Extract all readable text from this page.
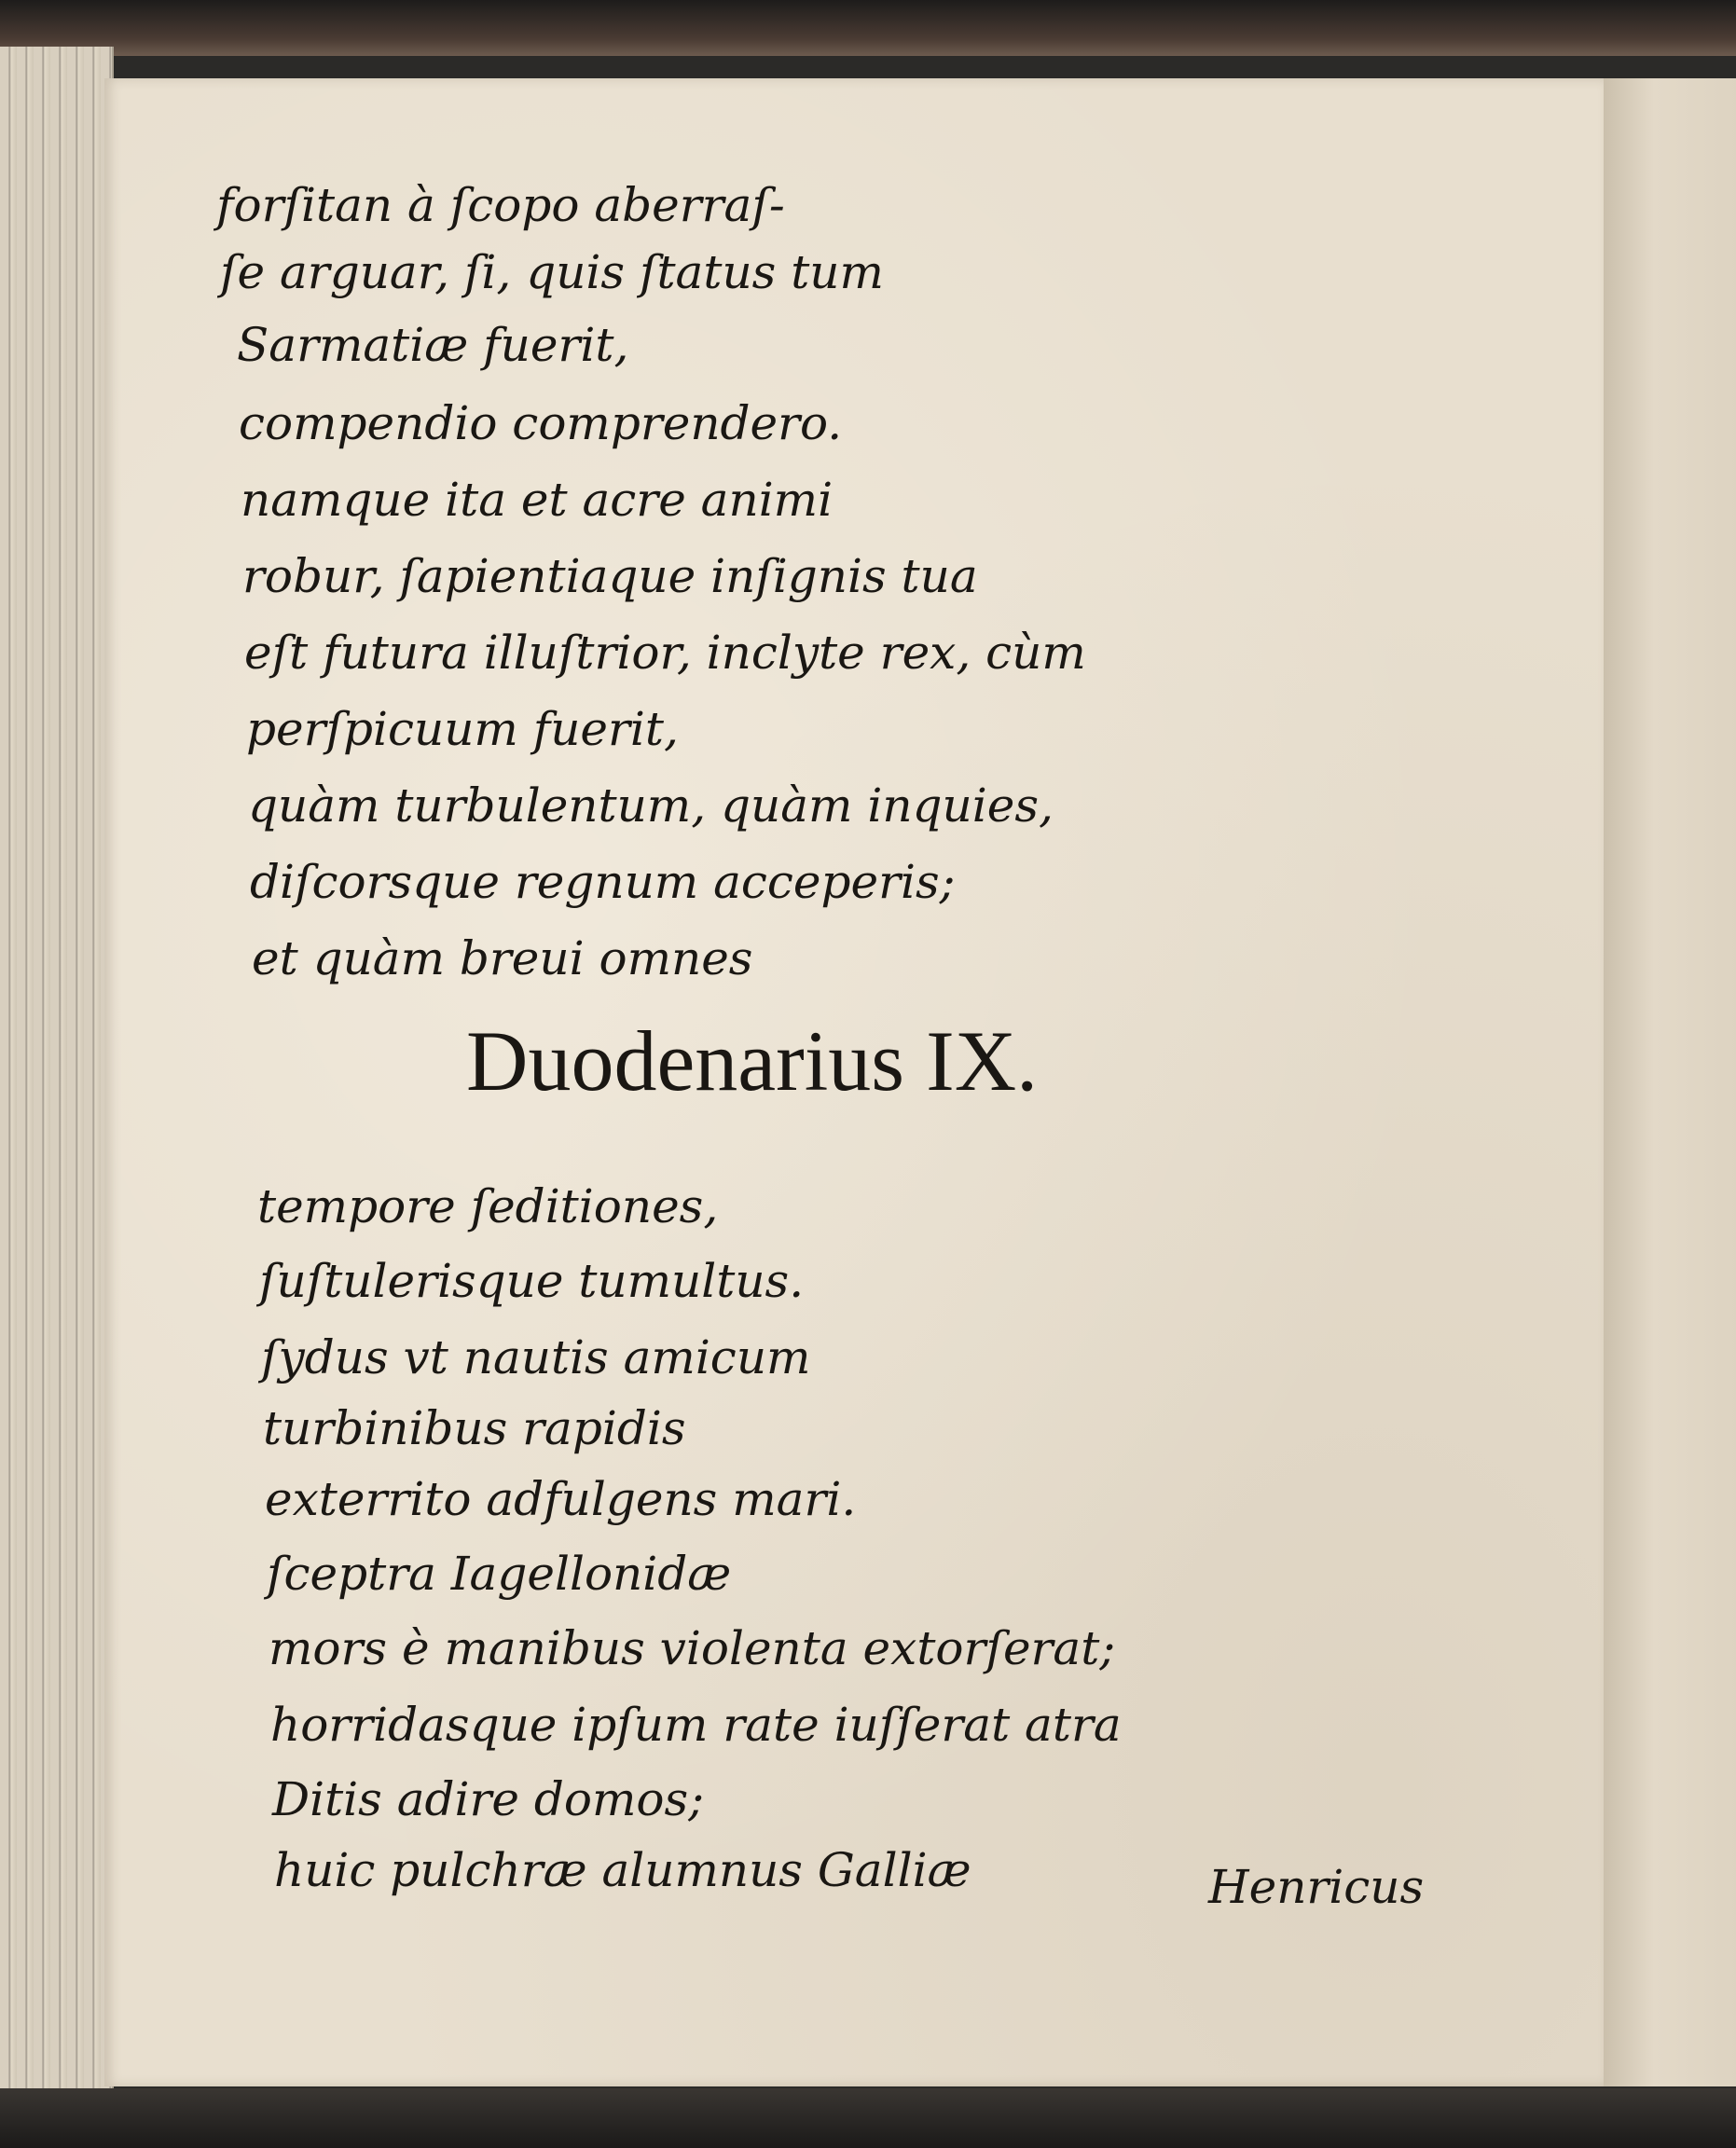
forſitan à ſcopo aberraſ-
ſe arguar, ſi, quis ſtatus tum
Sarmatiæ fuerit,
compendio comprendero.
namque ita et acre animi
robur, ſapientiaque inſignis tua
eſt futura illuſtrior, inclyte rex, cùm
perſpicuum fuerit,
quàm turbulentum, quàm inquies,
diſcorsque regnum acceperis;
et quàm breui omnes
Duodenarius IX.
tempore ſeditiones,
ſuſtulerisque tumultus.
ſydus vt nautis amicum
turbinibus rapidis
exterrito adfulgens mari.
ſceptra Iagellonidæ
mors è manibus violenta extorſerat;
horridasque ipſum rate iuſſerat atra
Ditis adire domos;
huic pulchræ alumnus Galliæ	Henricus
